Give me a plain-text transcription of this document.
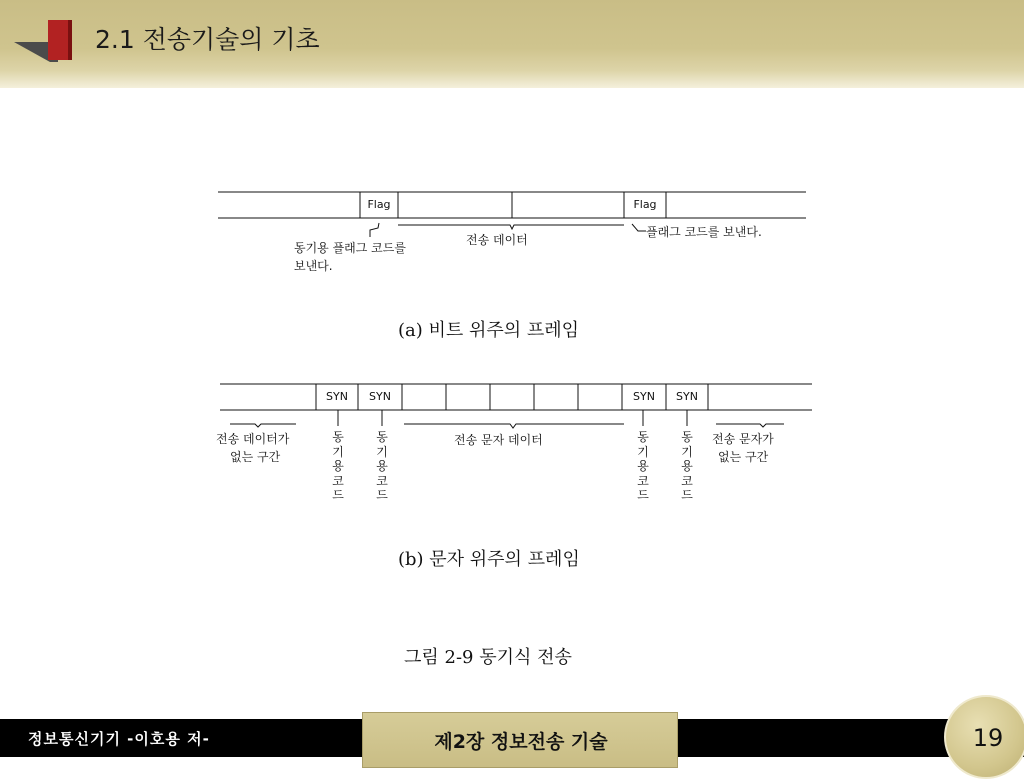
2.1 전송기술의 기초
Flag	Flag
동기용 플래그 코드를
보낸다.
전송 데이터
플래그 코드를 보낸다.
(a) 비트 위주의 프레임
SYN	SYN	SYN	SYN
전송 데이터가
없는 구간
동기용코드
동기용코드
전송 문자 데이터	동기용코드
동기용코드
전송 문자가
없는 구간
(b) 문자 위주의 프레임
그림 2-9 동기식 전송
정보통신기기 -이호용 저-	제2장 정보전송 기술	19
